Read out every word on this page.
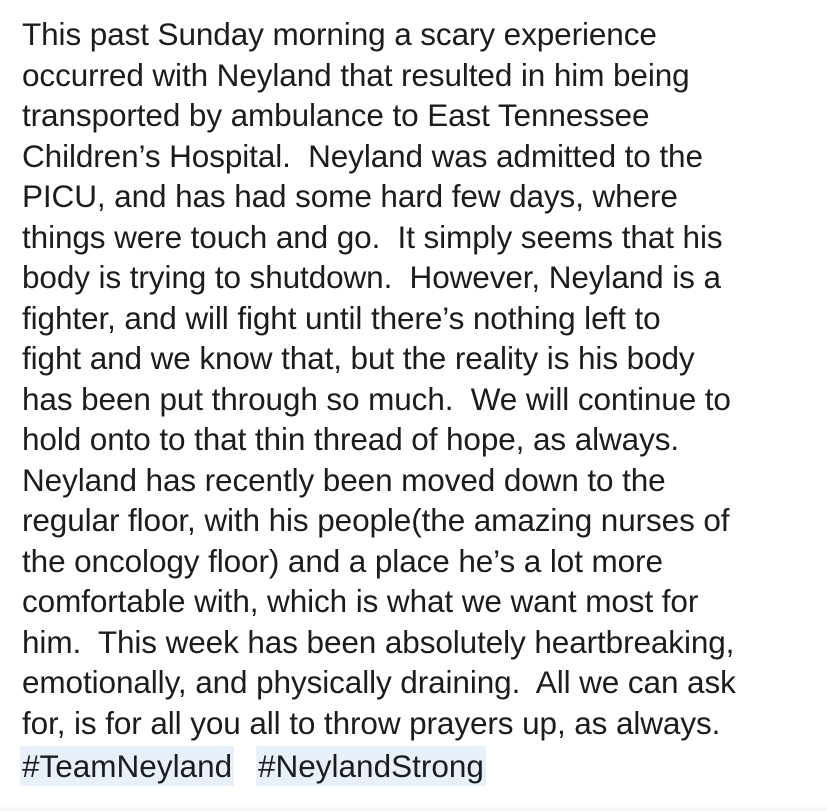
This past Sunday morning a scary experience
occurred with Neyland that resulted in him being
transported by ambulance to East Tennessee
Children’s Hospital.  Neyland was admitted to the
PICU, and has had some hard few days, where
things were touch and go.  It simply seems that his
body is trying to shutdown.  However, Neyland is a
fighter, and will fight until there’s nothing left to
fight and we know that, but the reality is his body
has been put through so much.  We will continue to
hold onto to that thin thread of hope, as always.
Neyland has recently been moved down to the
regular floor, with his people(the amazing nurses of
the oncology floor) and a place he’s a lot more
comfortable with, which is what we want most for
him.  This week has been absolutely heartbreaking,
emotionally, and physically draining.  All we can ask
for, is for all you all to throw prayers up, as always.
#TeamNeyland #NeylandStrong
